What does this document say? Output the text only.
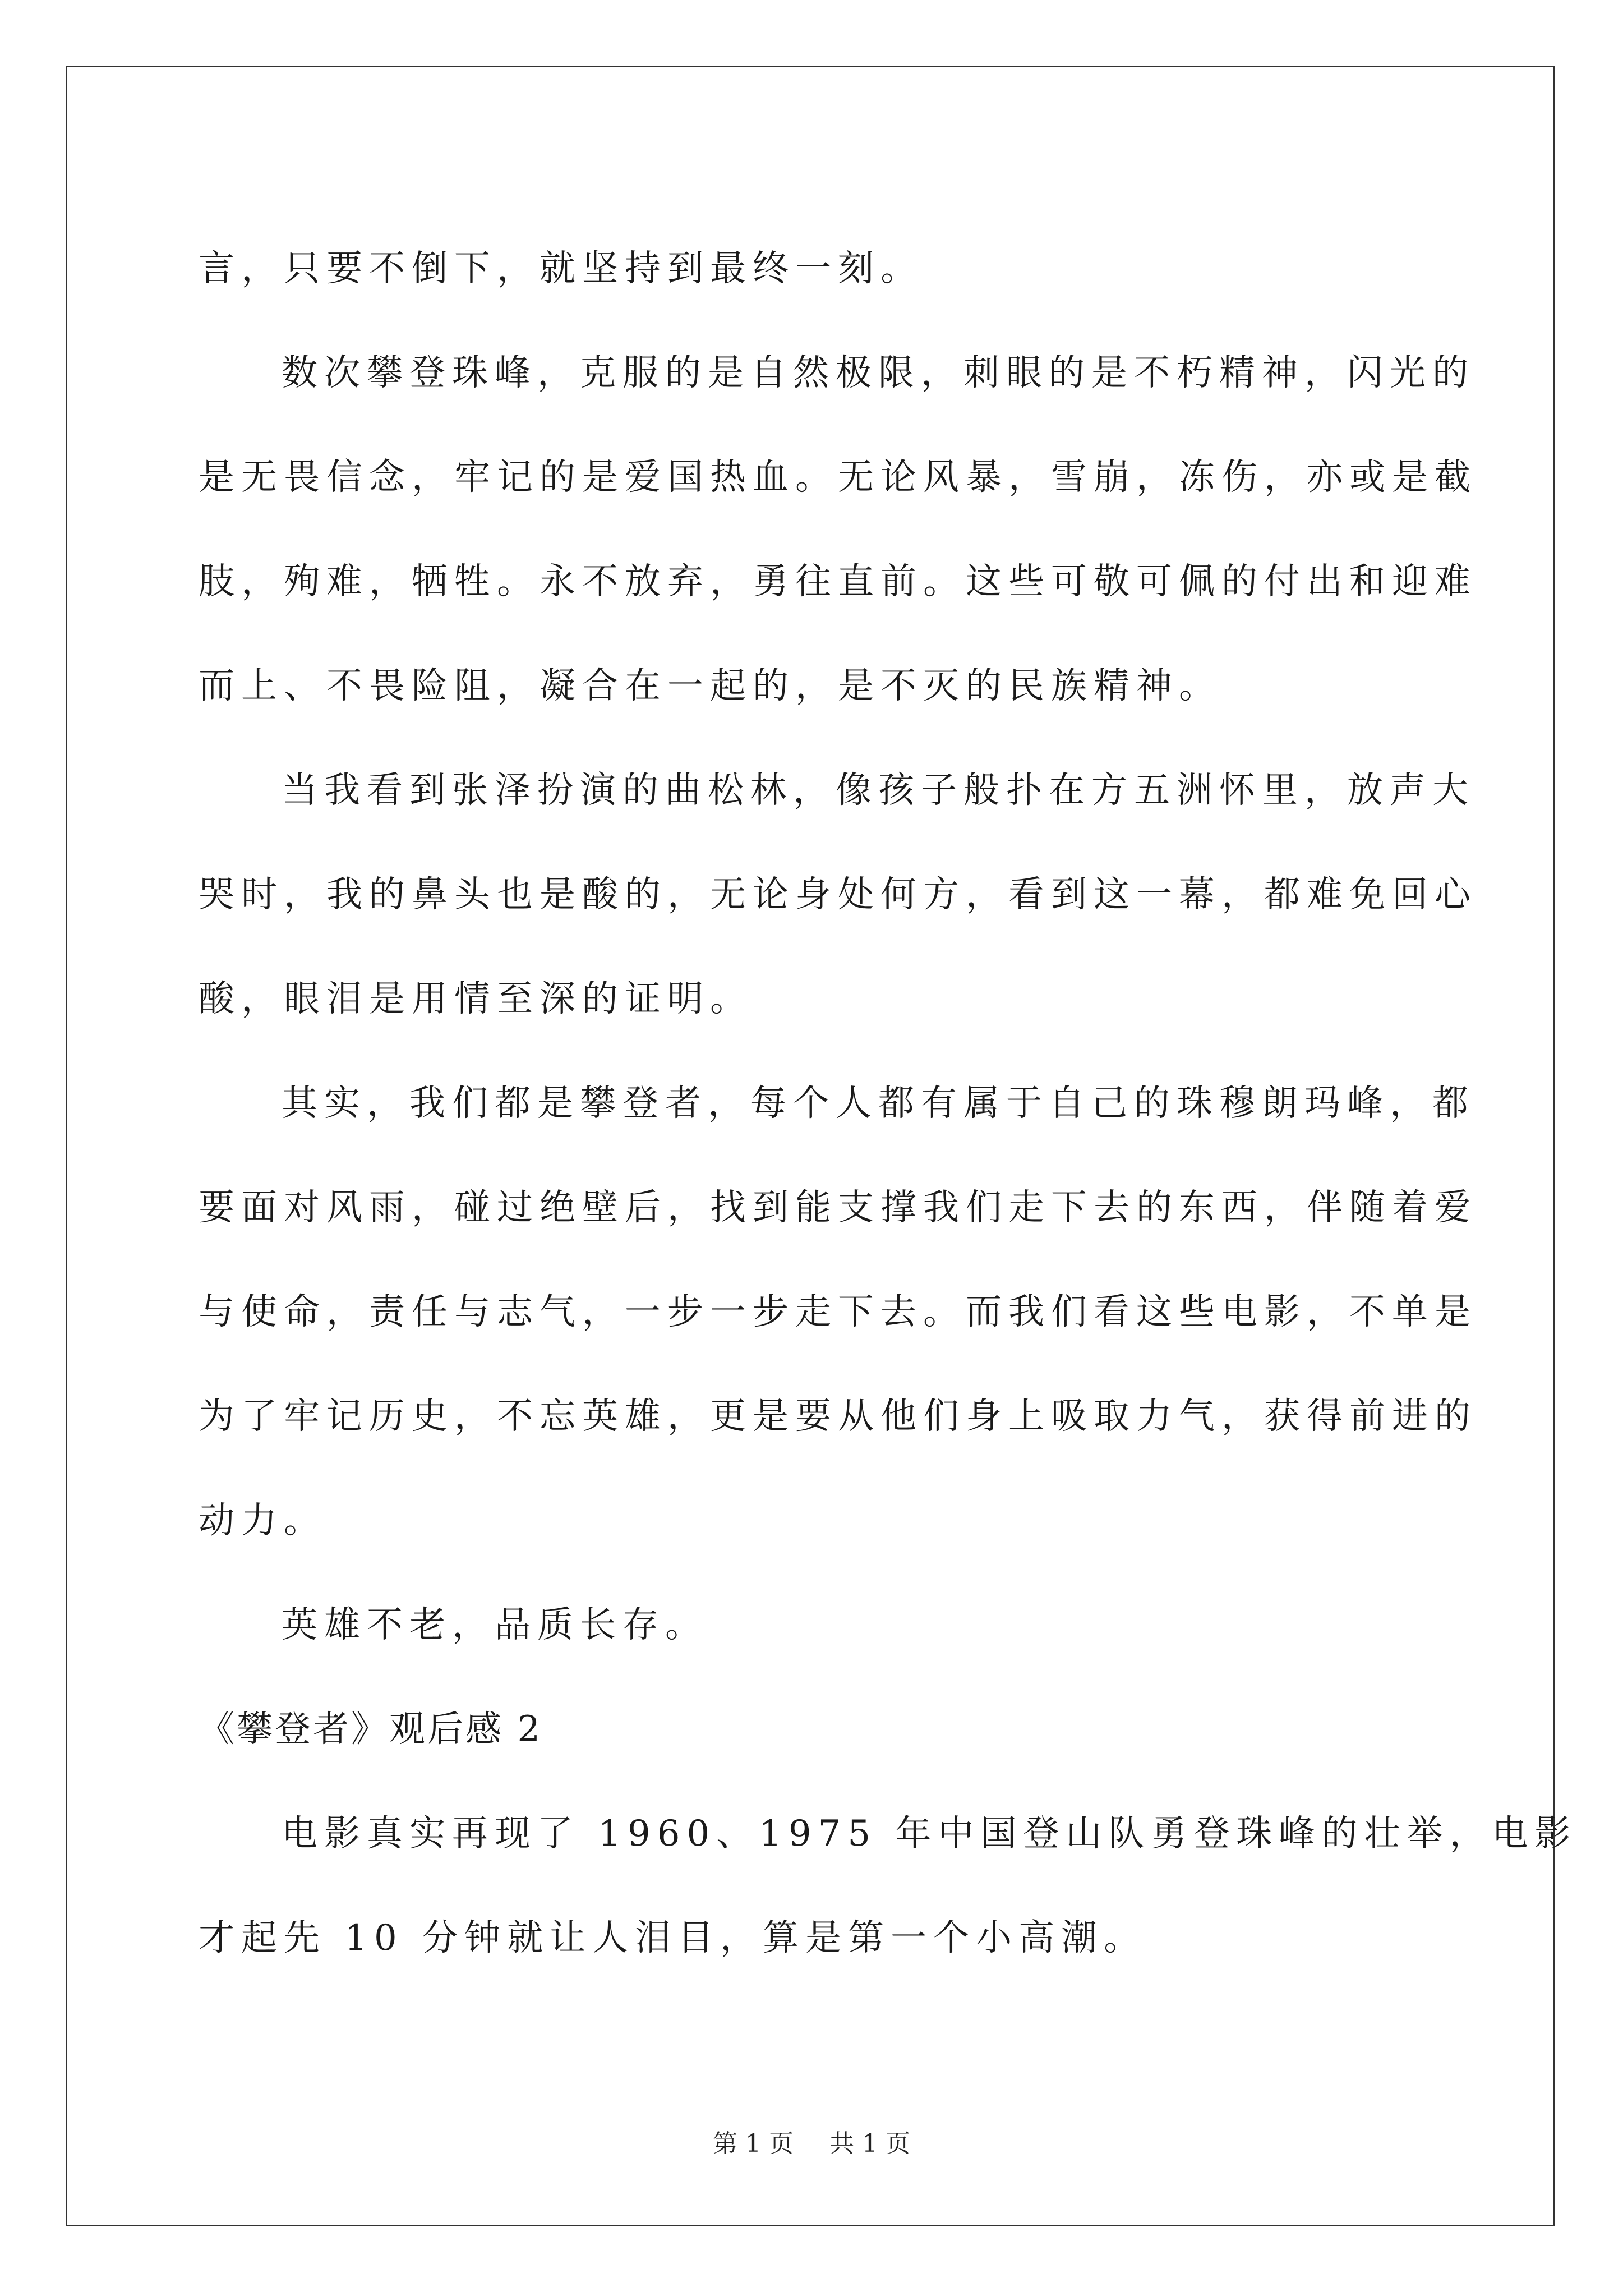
言，只要不倒下，就坚持到最终一刻。
数次攀登珠峰，克服的是自然极限，刺眼的是不朽精神，闪光的
是无畏信念，牢记的是爱国热血。无论风暴，雪崩，冻伤，亦或是截
肢，殉难，牺牲。永不放弃，勇往直前。这些可敬可佩的付出和迎难
而上、不畏险阻，凝合在一起的，是不灭的民族精神。
当我看到张泽扮演的曲松林，像孩子般扑在方五洲怀里，放声大
哭时，我的鼻头也是酸的，无论身处何方，看到这一幕，都难免回心
酸，眼泪是用情至深的证明。
其实，我们都是攀登者，每个人都有属于自己的珠穆朗玛峰，都
要面对风雨，碰过绝壁后，找到能支撑我们走下去的东西，伴随着爱
与使命，责任与志气，一步一步走下去。而我们看这些电影，不单是
为了牢记历史，不忘英雄，更是要从他们身上吸取力气，获得前进的
动力。
英雄不老，品质长存。
《攀登者》观后感 2
电影真实再现了 1960、1975 年中国登山队勇登珠峰的壮举，电影
才起先 10 分钟就让人泪目，算是第一个小高潮。
第 1 页 共 1 页
